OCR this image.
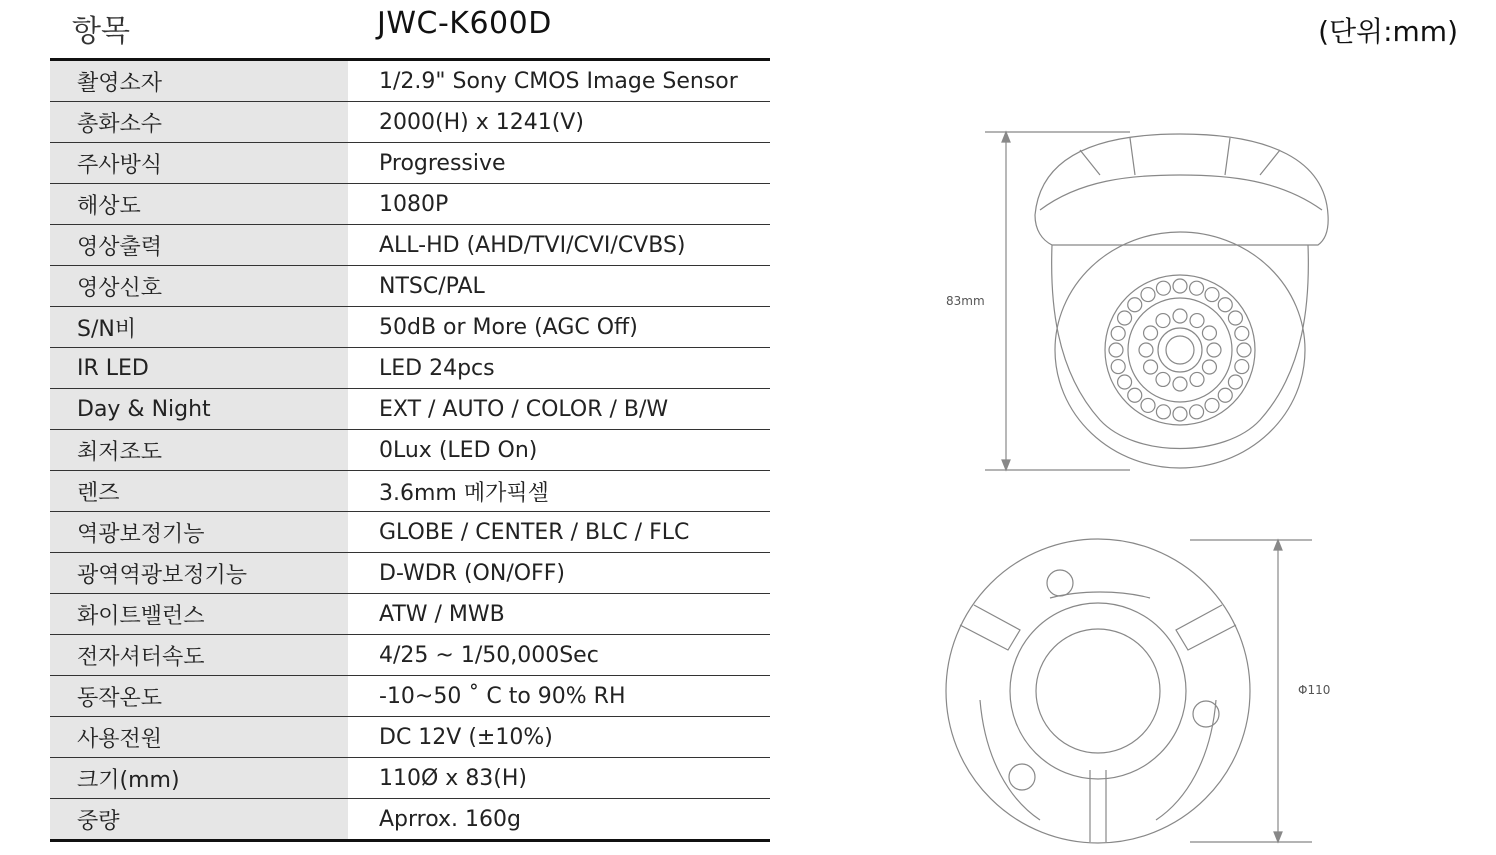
항목	JWC-K600D	(단위:mm)
촬영소자	1/2.9" Sony CMOS Image Sensor
총화소수	2000(H) x 1241(V)
주사방식	Progressive
해상도	1080P
영상출력	ALL-HD (AHD/TVI/CVI/CVBS)
영상신호	NTSC/PAL
S/N비	50dB or More (AGC Off)
IR LED	LED 24pcs
Day & Night	EXT / AUTO / COLOR / B/W
최저조도	0Lux (LED On)
렌즈	3.6mm 메가픽셀
역광보정기능	GLOBE / CENTER / BLC / FLC
광역역광보정기능	D-WDR (ON/OFF)
화이트밸런스	ATW / MWB
전자셔터속도	4/25 ~ 1/50,000Sec
동작온도	-10~50 ˚ C to 90% RH
사용전원	DC 12V (±10%)
크기(mm)	110Ø x 83(H)
중량	Aprrox. 160g
83mm
Φ110
